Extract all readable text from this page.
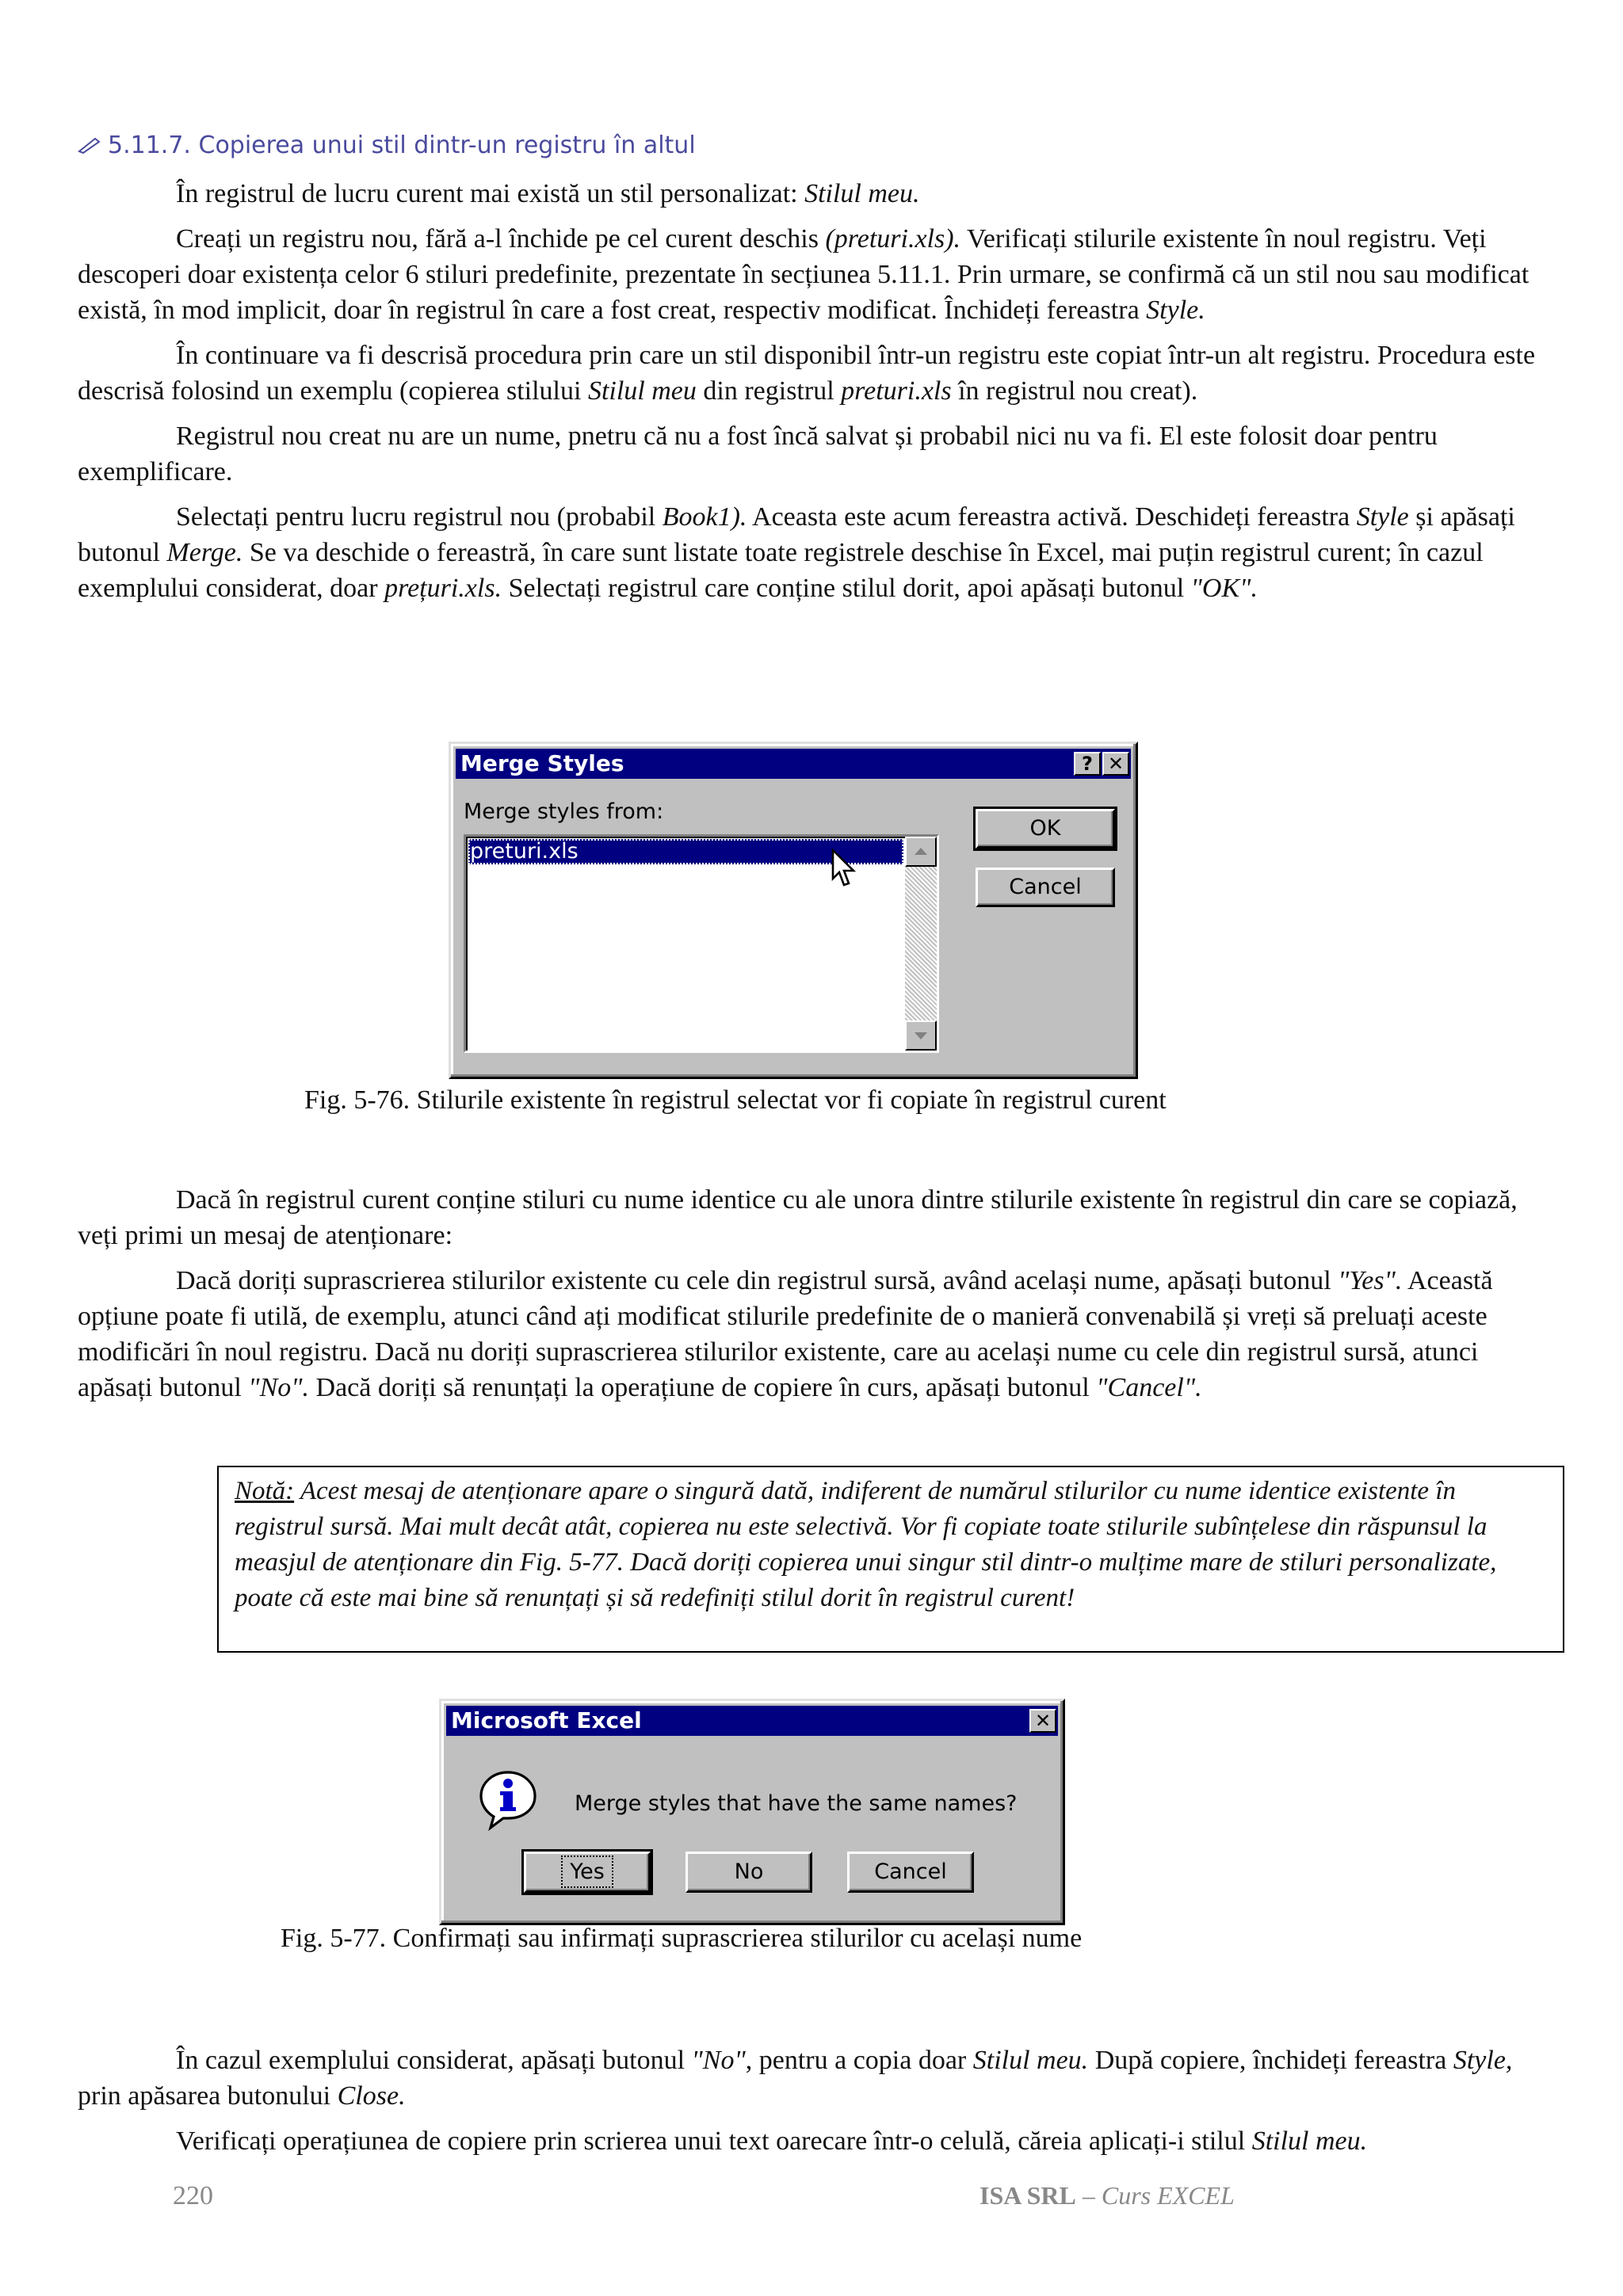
5.11.7. Copierea unui stil dintr-un registru în altul

În registrul de lucru curent mai există un stil personalizat: Stilul meu.

Creați un registru nou, fără a-l închide pe cel curent deschis (preturi.xls). Verificați stilurile existente în noul registru. Veți descoperi doar existența celor 6 stiluri predefinite, prezentate în secțiunea 5.11.1. Prin urmare, se confirmă că un stil nou sau modificat există, în mod implicit, doar în registrul în care a fost creat, respectiv modificat. Închideți fereastra Style.

În continuare va fi descrisă procedura prin care un stil disponibil într-un registru este copiat într-un alt registru. Procedura este descrisă folosind un exemplu (copierea stilului Stilul meu din registrul preturi.xls în registrul nou creat).

Registrul nou creat nu are un nume, pnetru că nu a fost încă salvat și probabil nici nu va fi. El este folosit doar pentru exemplificare.

Selectați pentru lucru registrul nou (probabil Book1). Aceasta este acum fereastra activă. Deschideți fereastra Style și apăsați butonul Merge. Se va deschide o fereastră, în care sunt listate toate registrele deschise în Excel, mai puțin registrul curent; în cazul exemplului considerat, doar prețuri.xls. Selectați registrul care conține stilul dorit, apoi apăsați butonul "OK".

Merge Styles	? ✕
Merge styles from:
preturi.xls
OK
Cancel
Fig. 5-76. Stilurile existente în registrul selectat vor fi copiate în registrul curent

Dacă în registrul curent conține stiluri cu nume identice cu ale unora dintre stilurile existente în registrul din care se copiază, veți primi un mesaj de atenționare:

Dacă doriți suprascrierea stilurilor existente cu cele din registrul sursă, având același nume, apăsați butonul "Yes". Această opțiune poate fi utilă, de exemplu, atunci când ați modificat stilurile predefinite de o manieră convenabilă și vreți să preluați aceste modificări în noul registru. Dacă nu doriți suprascrierea stilurilor existente, care au același nume cu cele din registrul sursă, atunci apăsați butonul "No". Dacă doriți să renunțați la operațiune de copiere în curs, apăsați butonul "Cancel".

Notă: Acest mesaj de atenționare apare o singură dată, indiferent de numărul stilurilor cu nume identice existente în registrul sursă. Mai mult decât atât, copierea nu este selectivă. Vor fi copiate toate stilurile subînțelese din răspunsul la measjul de atenționare din Fig. 5-77. Dacă doriți copierea unui singur stil dintr-o mulțime mare de stiluri personalizate, poate că este mai bine să renunțați și să redefiniți stilul dorit în registrul curent!
Microsoft Excel	✕
Merge styles that have the same names?
Yes	No	Cancel
Fig. 5-77. Confirmați sau infirmați suprascrierea stilurilor cu același nume

În cazul exemplului considerat, apăsați butonul "No", pentru a copia doar Stilul meu. După copiere, închideți fereastra Style, prin apăsarea butonului Close.

Verificați operațiunea de copiere prin scrierea unui text oarecare într-o celulă, căreia aplicați-i stilul Stilul meu.

220	ISA SRL – Curs EXCEL
